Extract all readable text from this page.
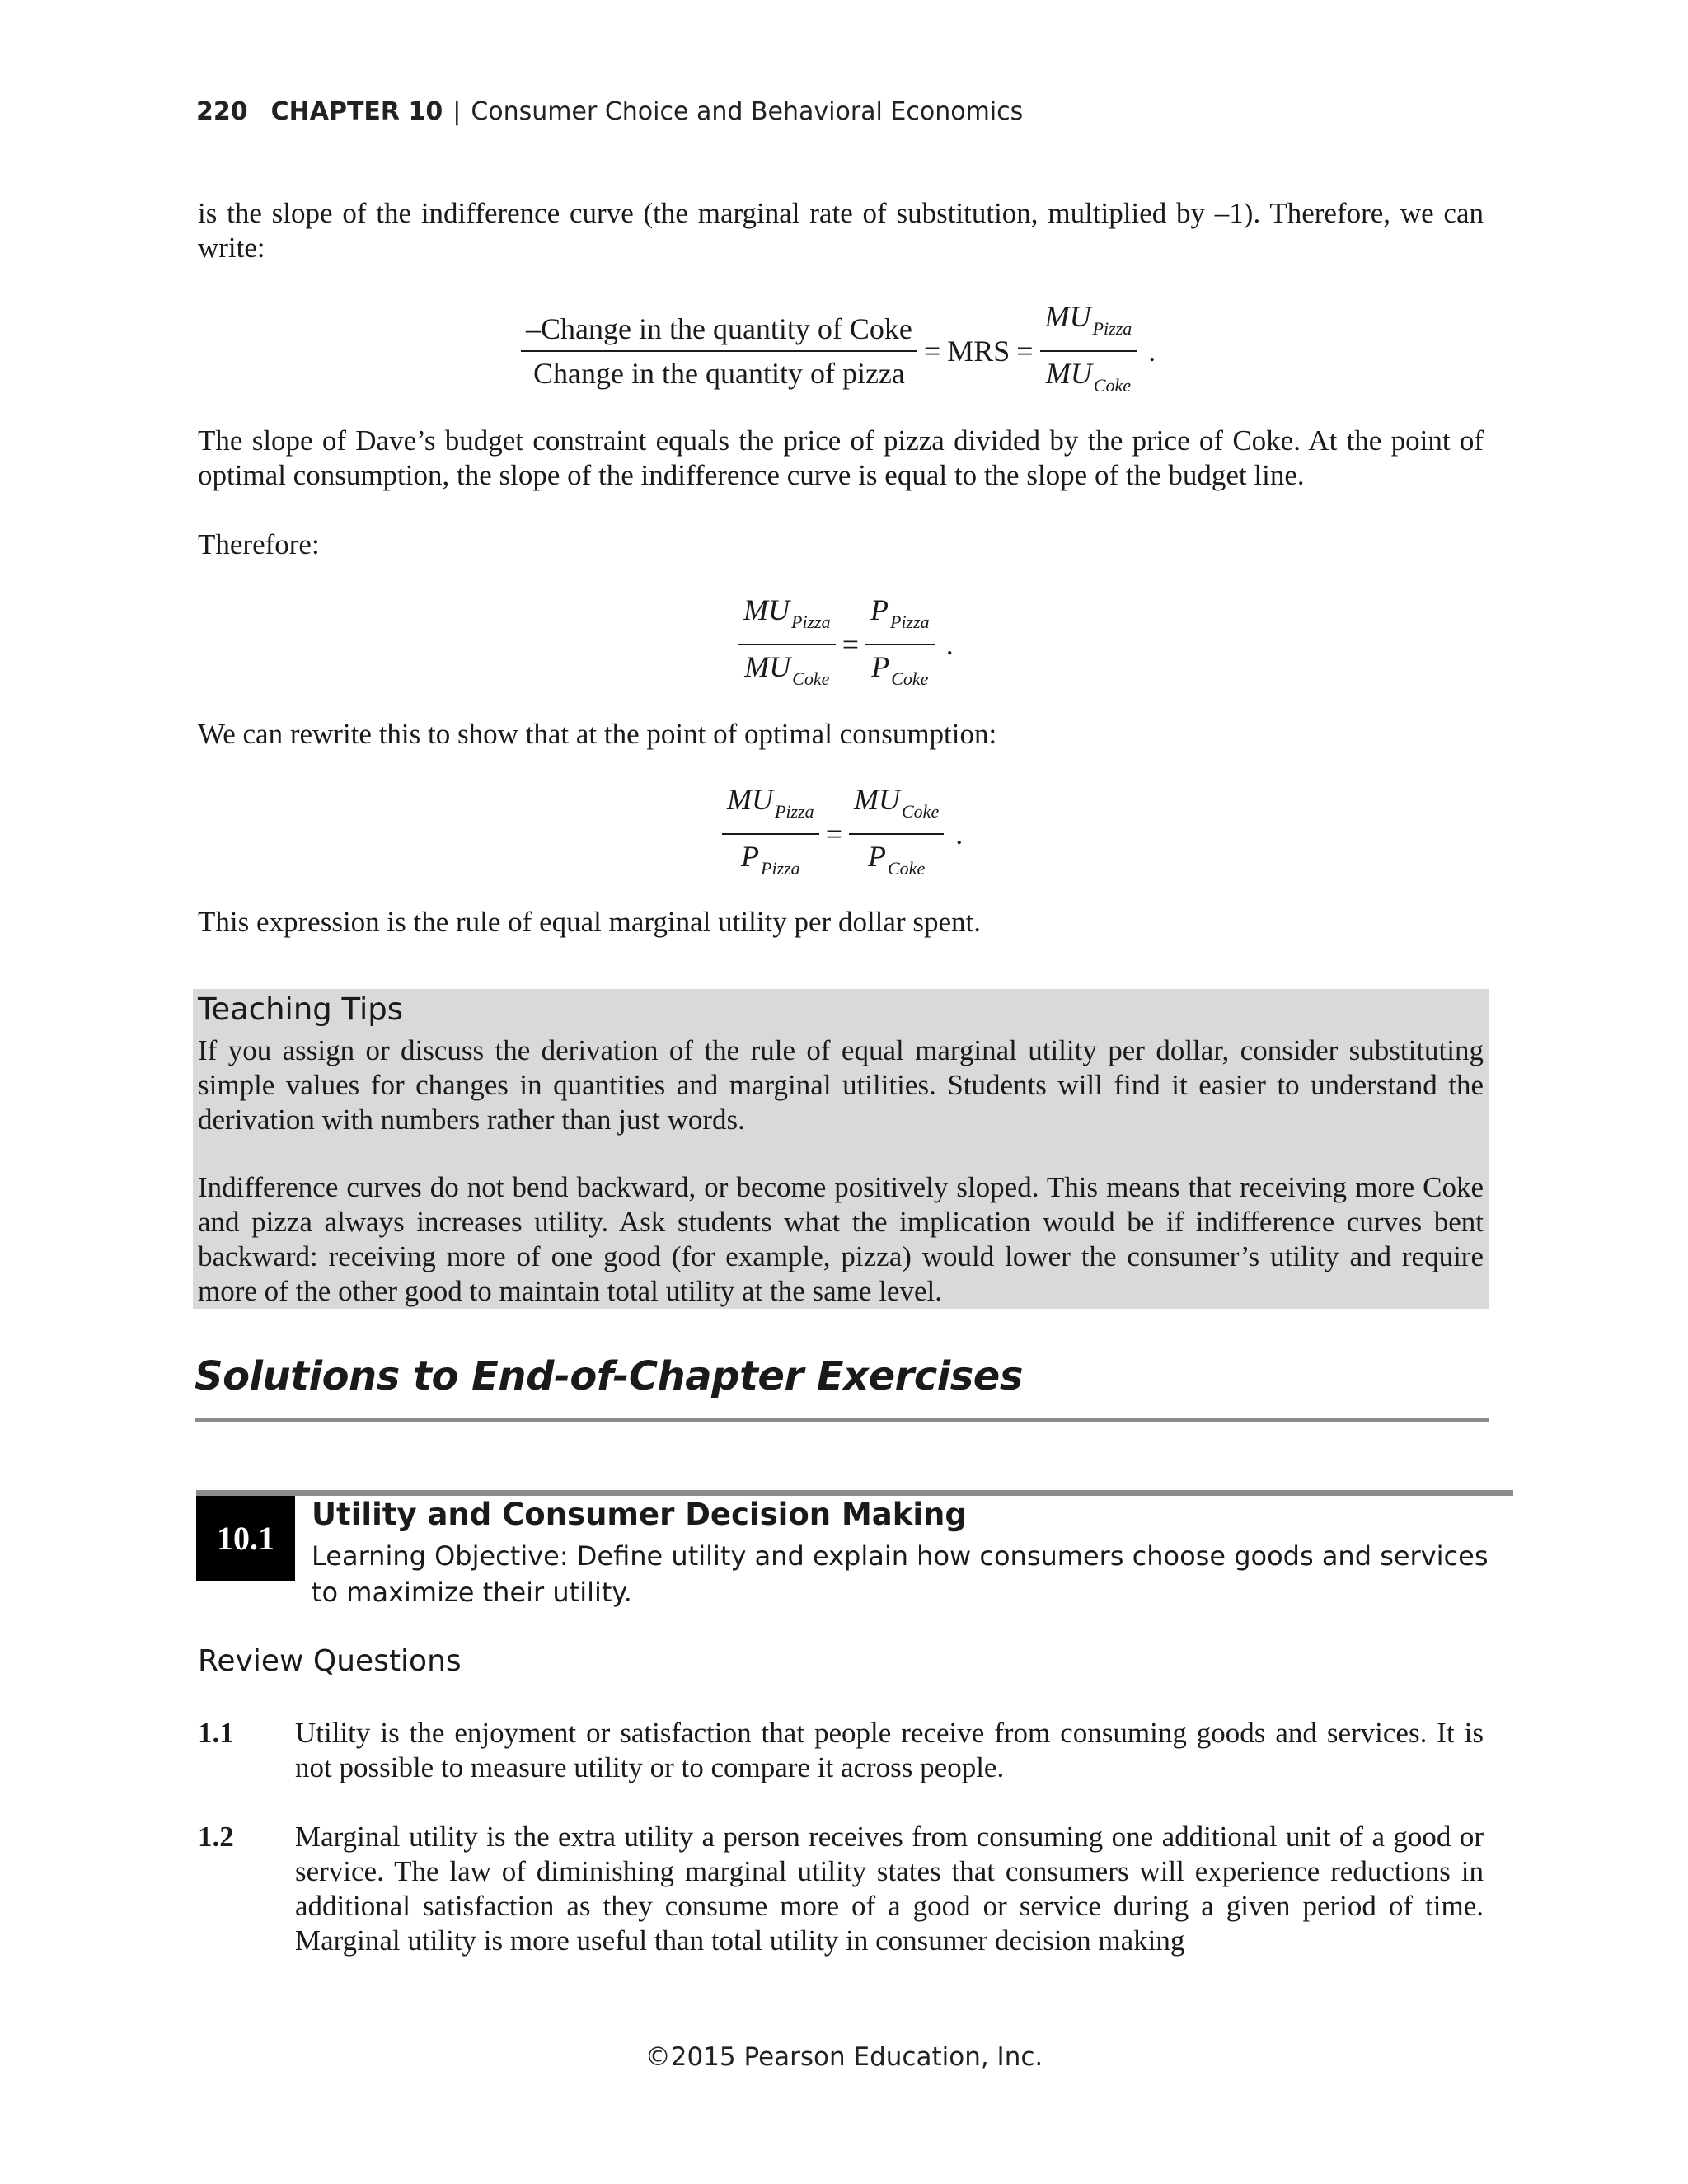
220 CHAPTER 10 | Consumer Choice and Behavioral Economics
is the slope of the indifference curve (the marginal rate of substitution, multiplied by –1). Therefore, we can write:
$\frac{\text{–Change in the quantity of Coke}}{\text{Change in the quantity of pizza}}$ = MRS = $\frac{MU_{Pizza}}{MU_{Coke}}$ .
The slope of Dave’s budget constraint equals the price of pizza divided by the price of Coke. At the point of optimal consumption, the slope of the indifference curve is equal to the slope of the budget line.
Therefore:
$\frac{MU_{Pizza}}{MU_{Coke}} = \frac{P_{Pizza}}{P_{Coke}}$ .
We can rewrite this to show that at the point of optimal consumption:
$\frac{MU_{Pizza}}{P_{Pizza}} = \frac{MU_{Coke}}{P_{Coke}}$ .
This expression is the rule of equal marginal utility per dollar spent.
Teaching Tips
If you assign or discuss the derivation of the rule of equal marginal utility per dollar, consider substituting simple values for changes in quantities and marginal utilities. Students will find it easier to understand the derivation with numbers rather than just words.
Indifference curves do not bend backward, or become positively sloped. This means that receiving more Coke and pizza always increases utility. Ask students what the implication would be if indifference curves bent backward: receiving more of one good (for example, pizza) would lower the consumer’s utility and require more of the other good to maintain total utility at the same level.
Solutions to End-of-Chapter Exercises
10.1
Utility and Consumer Decision Making
Learning Objective: Define utility and explain how consumers choose goods and services to maximize their utility.
Review Questions
1.1 Utility is the enjoyment or satisfaction that people receive from consuming goods and services. It is not possible to measure utility or to compare it across people.
1.2 Marginal utility is the extra utility a person receives from consuming one additional unit of a good or service. The law of diminishing marginal utility states that consumers will experience reductions in additional satisfaction as they consume more of a good or service during a given period of time. Marginal utility is more useful than total utility in consumer decision making
©2015 Pearson Education, Inc.
